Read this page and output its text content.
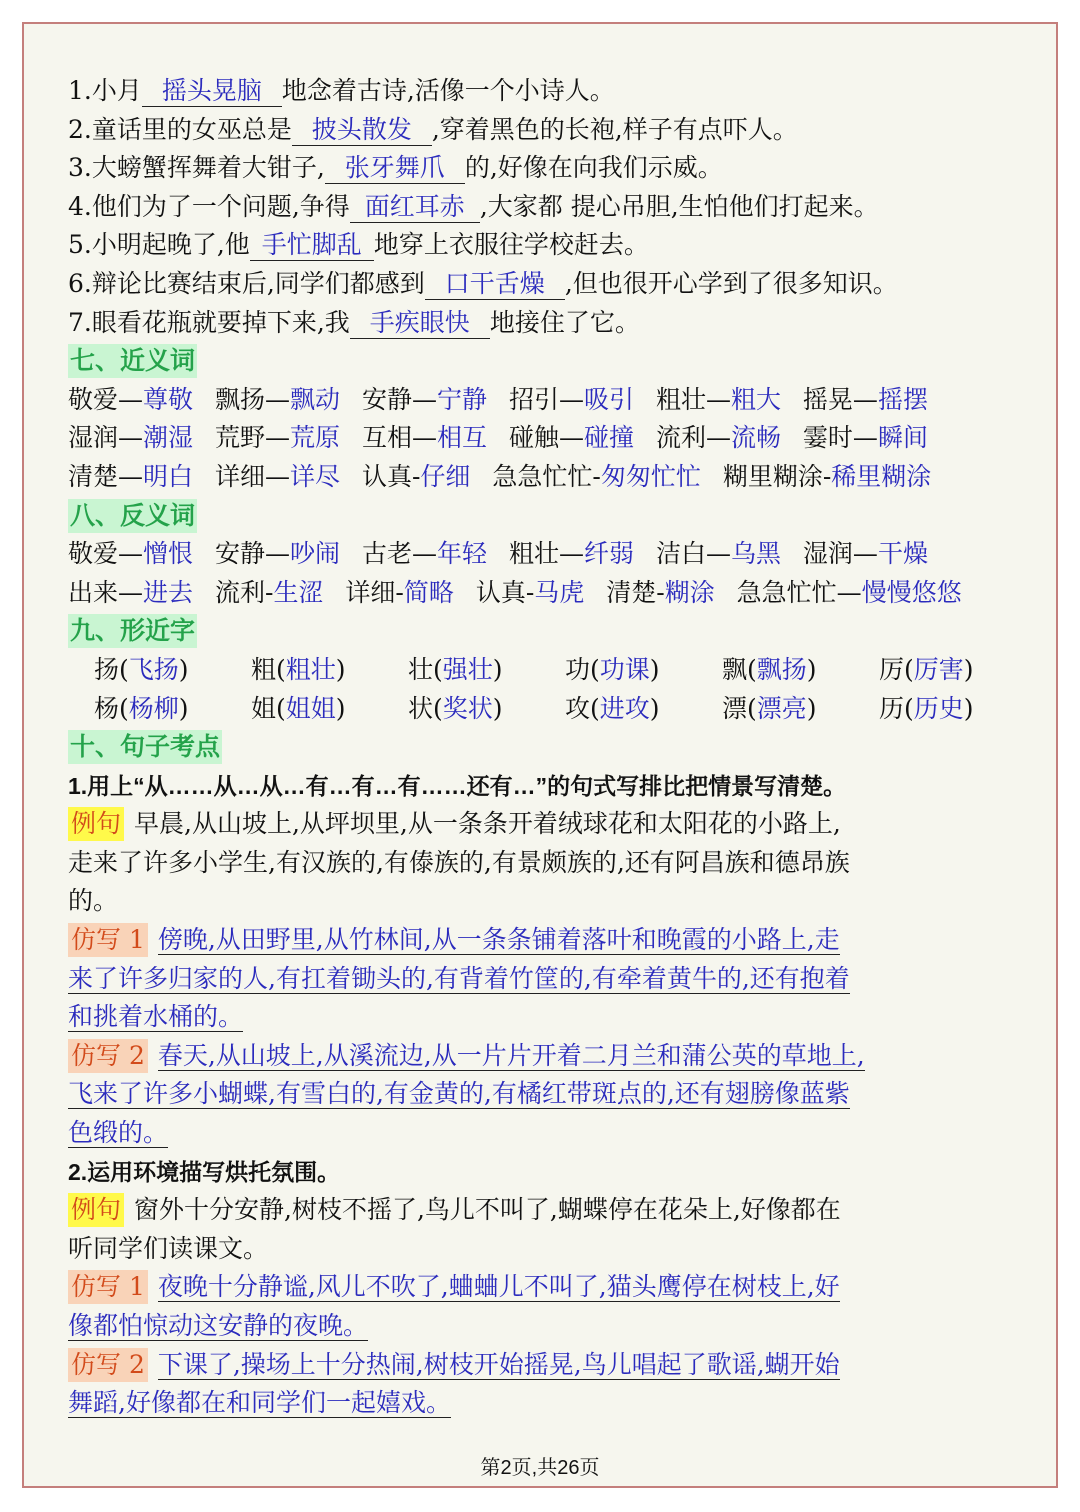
1.小月 摇头晃脑 地念着古诗,活像一个小诗人。
2.童话里的女巫总是 披头散发 ,穿着黑色的长袍,样子有点吓人。
3.大螃蟹挥舞着大钳子, 张牙舞爪 的,好像在向我们示威。
4.他们为了一个问题,争得 面红耳赤 ,大家都 提心吊胆,生怕他们打起来。
5.小明起晚了,他 手忙脚乱 地穿上衣服往学校赶去。
6.辩论比赛结束后,同学们都感到 口干舌燥 ,但也很开心学到了很多知识。
7.眼看花瓶就要掉下来,我 手疾眼快 地接住了它。
七、近义词
敬爱—尊敬 飘扬—飘动 安静—宁静 招引—吸引 粗壮—粗大 摇晃—摇摆
湿润—潮湿 荒野—荒原 互相—相互 碰触—碰撞 流利—流畅 霎时—瞬间
清楚—明白 详细—详尽 认真-仔细 急急忙忙-匆匆忙忙 糊里糊涂-稀里糊涂
八、反义词
敬爱—憎恨 安静—吵闹 古老—年轻 粗壮—纤弱 洁白—乌黑 湿润—干燥
出来—进去 流利-生涩 详细-简略 认真-马虎 清楚-糊涂 急急忙忙—慢慢悠悠
九、形近字
扬(飞扬) 粗(粗壮) 壮(强壮) 功(功课) 飘(飘扬) 厉(厉害)
杨(杨柳) 姐(姐姐) 状(奖状) 攻(进攻) 漂(漂亮) 历(历史)
十、句子考点
1.用上“从……从…从…有…有…有……还有…”的句式写排比把情景写清楚。
例句 早晨,从山坡上,从坪坝里,从一条条开着绒球花和太阳花的小路上,
走来了许多小学生,有汉族的,有傣族的,有景颇族的,还有阿昌族和德昂族
的。
仿写 1 傍晚,从田野里,从竹林间,从一条条铺着落叶和晚霞的小路上,走
来了许多归家的人,有扛着锄头的,有背着竹筐的,有牵着黄牛的,还有抱着
和挑着水桶的。
仿写 2 春天,从山坡上,从溪流边,从一片片开着二月兰和蒲公英的草地上,
飞来了许多小蝴蝶,有雪白的,有金黄的,有橘红带斑点的,还有翅膀像蓝紫
色缎的。
2.运用环境描写烘托氛围。
例句 窗外十分安静,树枝不摇了,鸟儿不叫了,蝴蝶停在花朵上,好像都在
听同学们读课文。
仿写 1 夜晚十分静谧,风儿不吹了,蛐蛐儿不叫了,猫头鹰停在树枝上,好
像都怕惊动这安静的夜晚。
仿写 2 下课了,操场上十分热闹,树枝开始摇晃,鸟儿唱起了歌谣,蝴开始
舞蹈,好像都在和同学们一起嬉戏。
第2页,共26页
